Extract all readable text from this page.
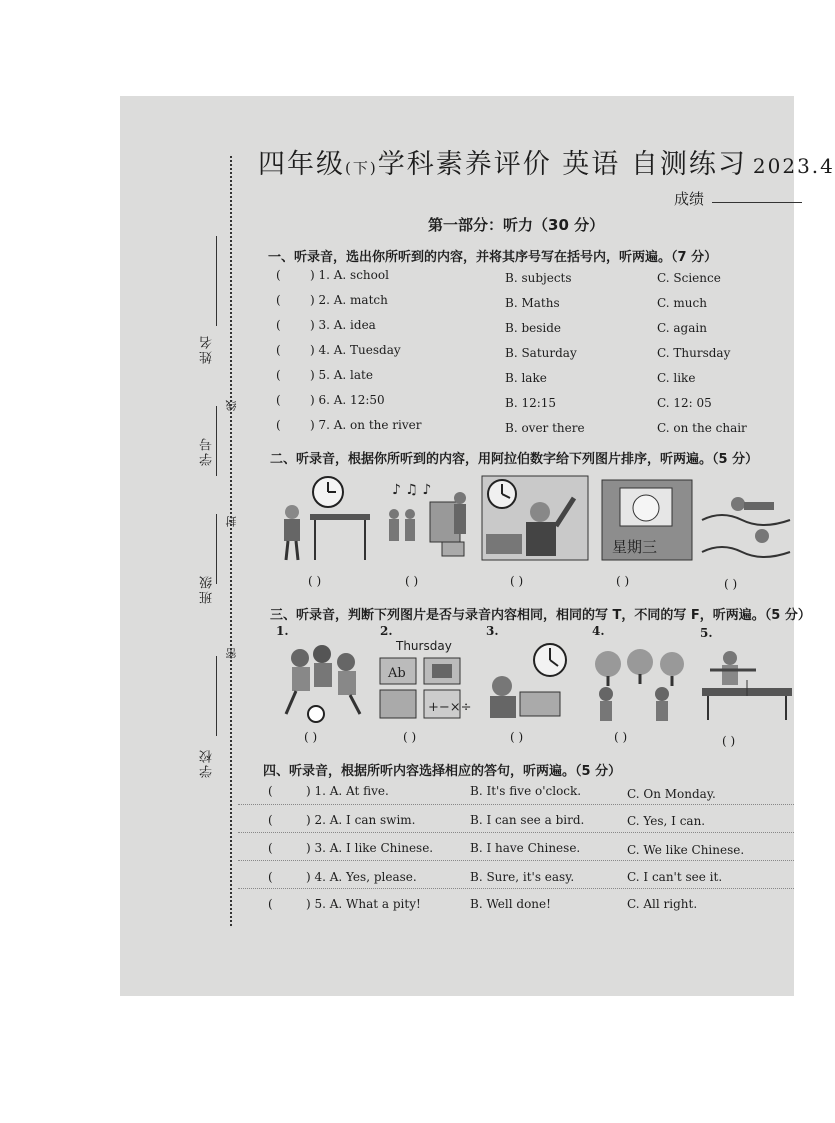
姓名
学号
班级
学校
线
封
密
四年级(下)学科素养评价 英语 自测练习 2023.4
成绩
第一部分：听力（30 分）
一、听录音，选出你所听到的内容，并将其序号写在括号内，听两遍。（7 分）
( ) 1. A. school	B. subjects	C. Science
( ) 2. A. match	B. Maths	C. much
( ) 3. A. idea	B. beside	C. again
( ) 4. A. Tuesday	B. Saturday	C. Thursday
( ) 5. A. late	B. lake	C. like
( ) 6. A. 12:50	B. 12:15	C. 12: 05
( ) 7. A. on the river	B. over there	C. on the chair
二、听录音，根据你所听到的内容，用阿拉伯数字给下列图片排序，听两遍。（5 分）
♪ ♫ ♪
星期三
( )	( )	( )	( )	( )
三、听录音，判断下列图片是否与录音内容相同，相同的写 T，不同的写 F，听两遍。（5 分）
1.	2.	3.	4.	5.
Thursday
Ab
+−×÷
( )	( )	( )	( )	( )
四、听录音，根据所听内容选择相应的答句，听两遍。（5 分）
(	) 1. A. At five.	B. It's five o'clock.	C. On Monday.
(	) 2. A. I can swim.	B. I can see a bird.	C. Yes, I can.
(	) 3. A. I like Chinese.	B. I have Chinese.	C. We like Chinese.
(	) 4. A. Yes, please.	B. Sure, it's easy.	C. I can't see it.
(	) 5. A. What a pity!	B. Well done!	C. All right.
